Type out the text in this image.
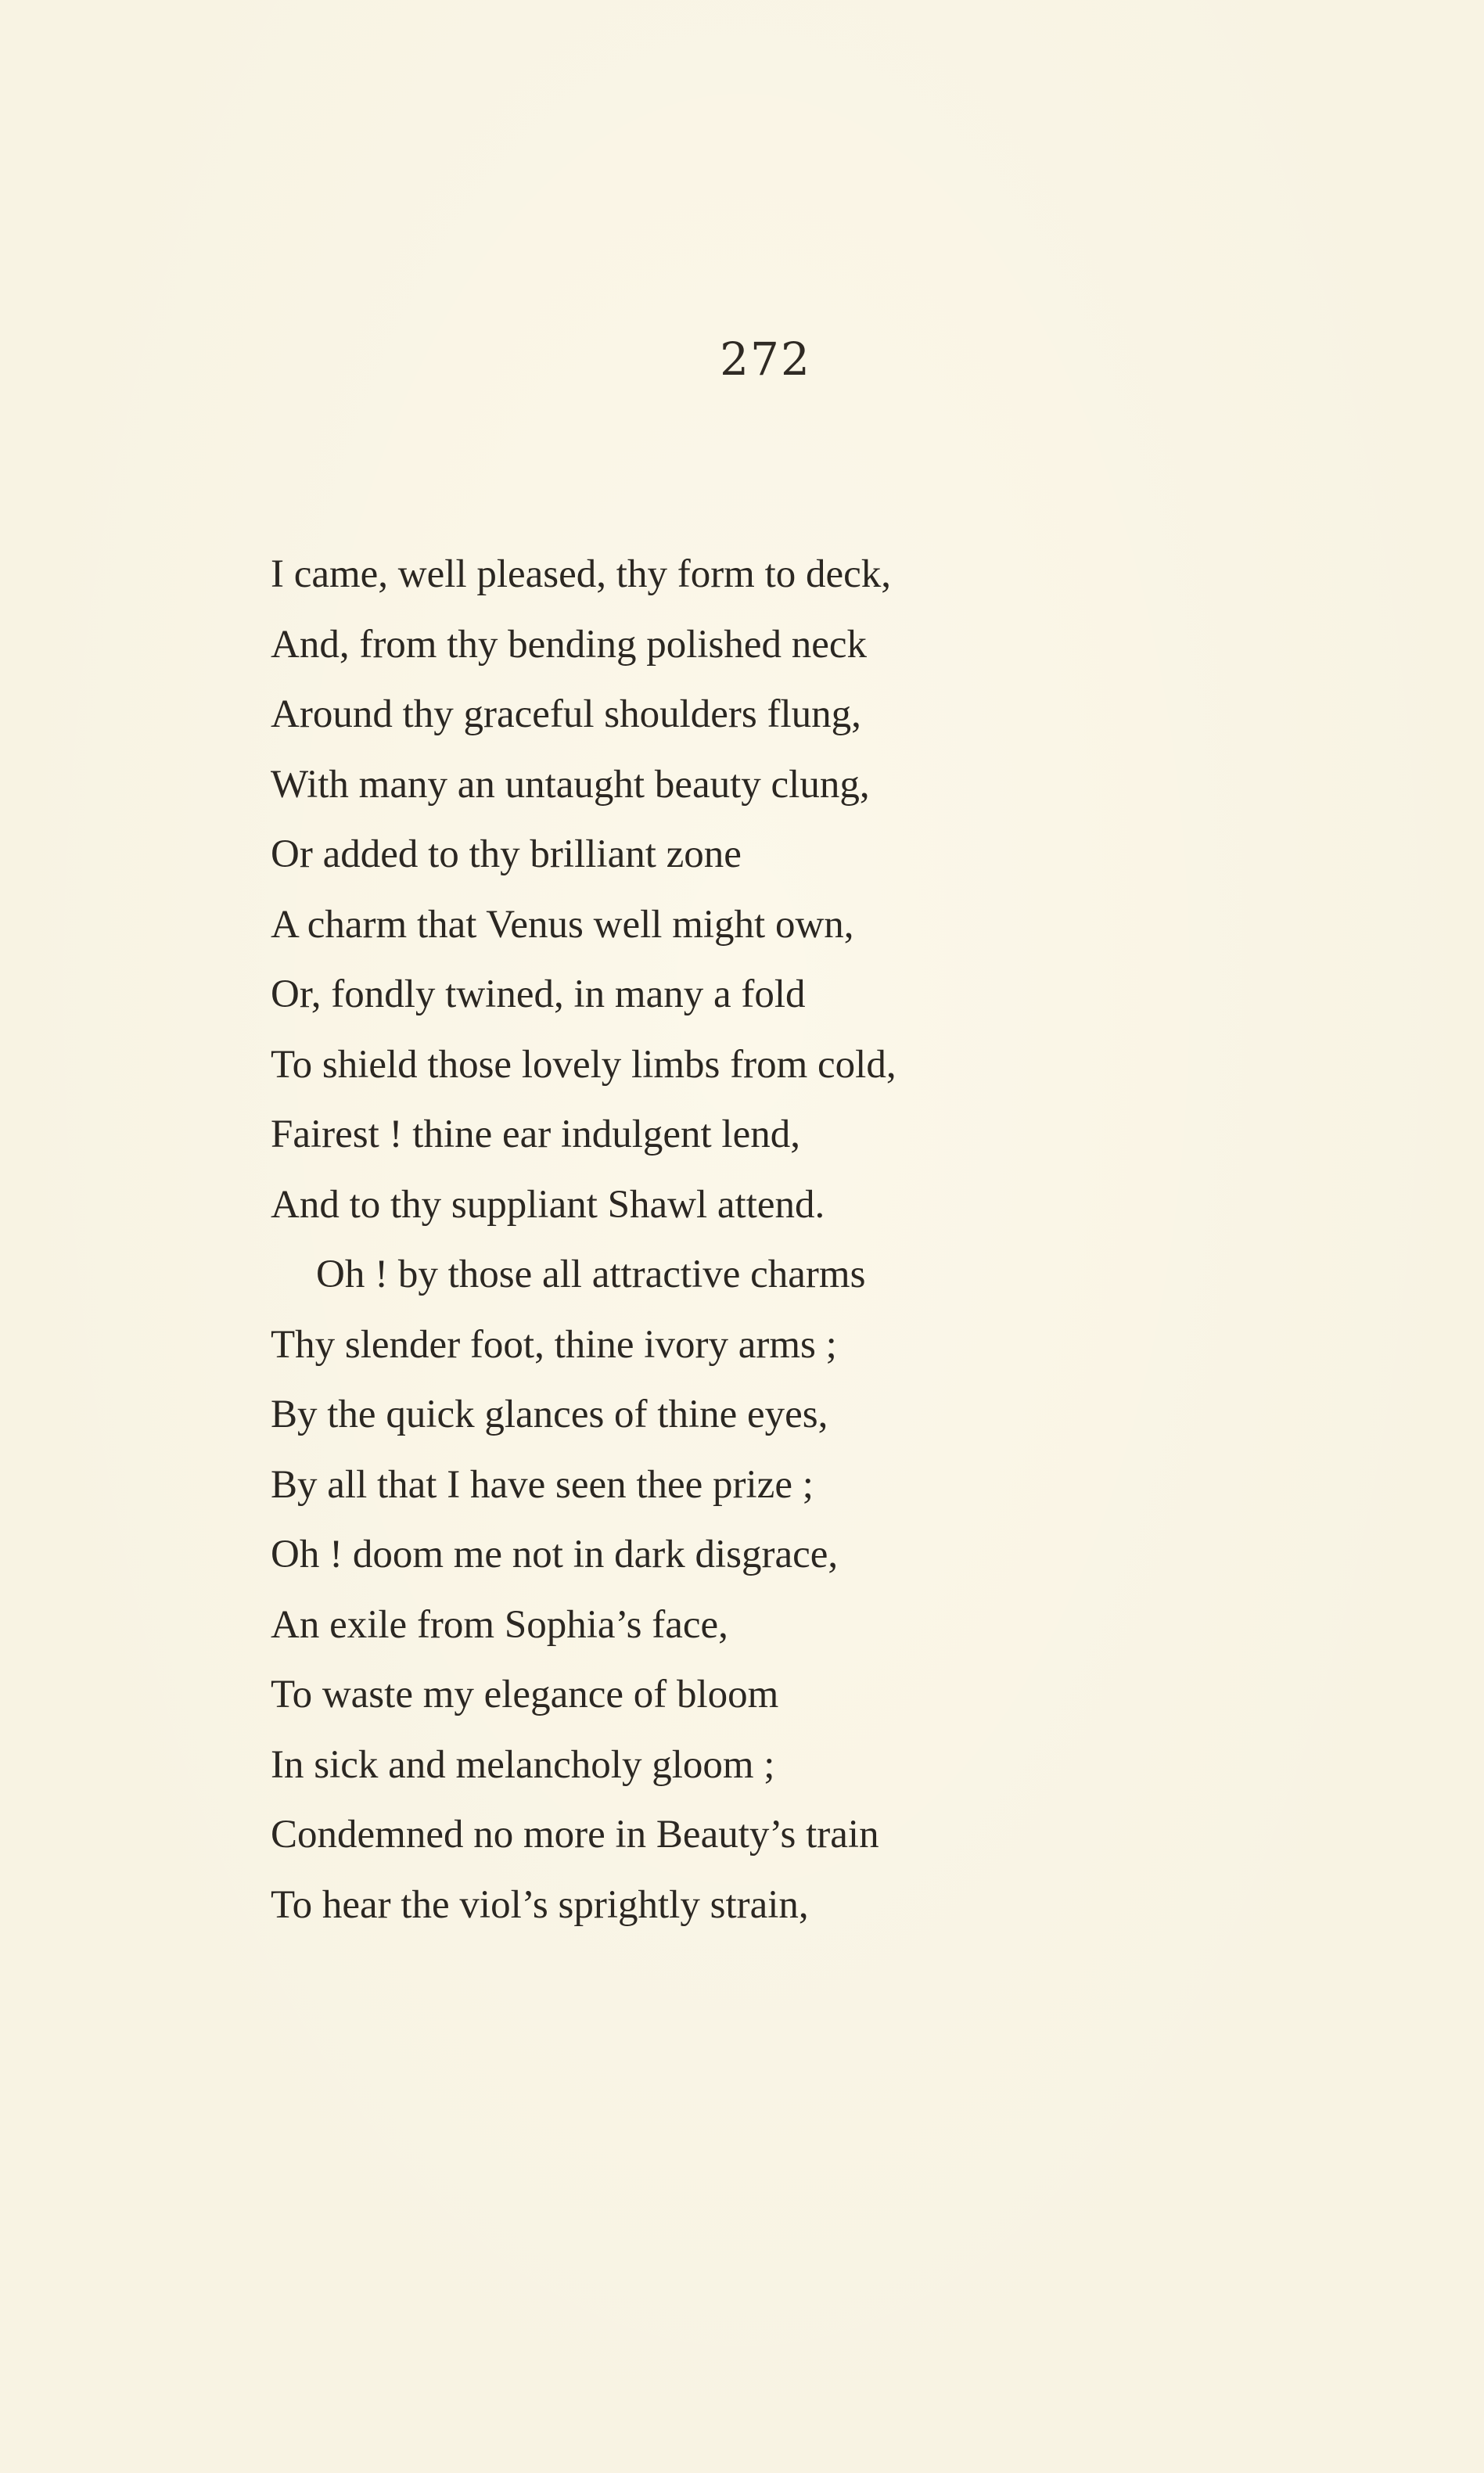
272
I came, well pleased, thy form to deck,
And, from thy bending polished neck
Around thy graceful shoulders flung,
With many an untaught beauty clung,
Or added to thy brilliant zone
A charm that Venus well might own,
Or, fondly twined, in many a fold
To shield those lovely limbs from cold,
Fairest ! thine ear indulgent lend,
And to thy suppliant Shawl attend.
Oh ! by those all attractive charms
Thy slender foot, thine ivory arms ;
By the quick glances of thine eyes,
By all that I have seen thee prize ;
Oh ! doom me not in dark disgrace,
An exile from Sophia’s face,
To waste my elegance of bloom
In sick and melancholy gloom ;
Condemned no more in Beauty’s train
To hear the viol’s sprightly strain,
